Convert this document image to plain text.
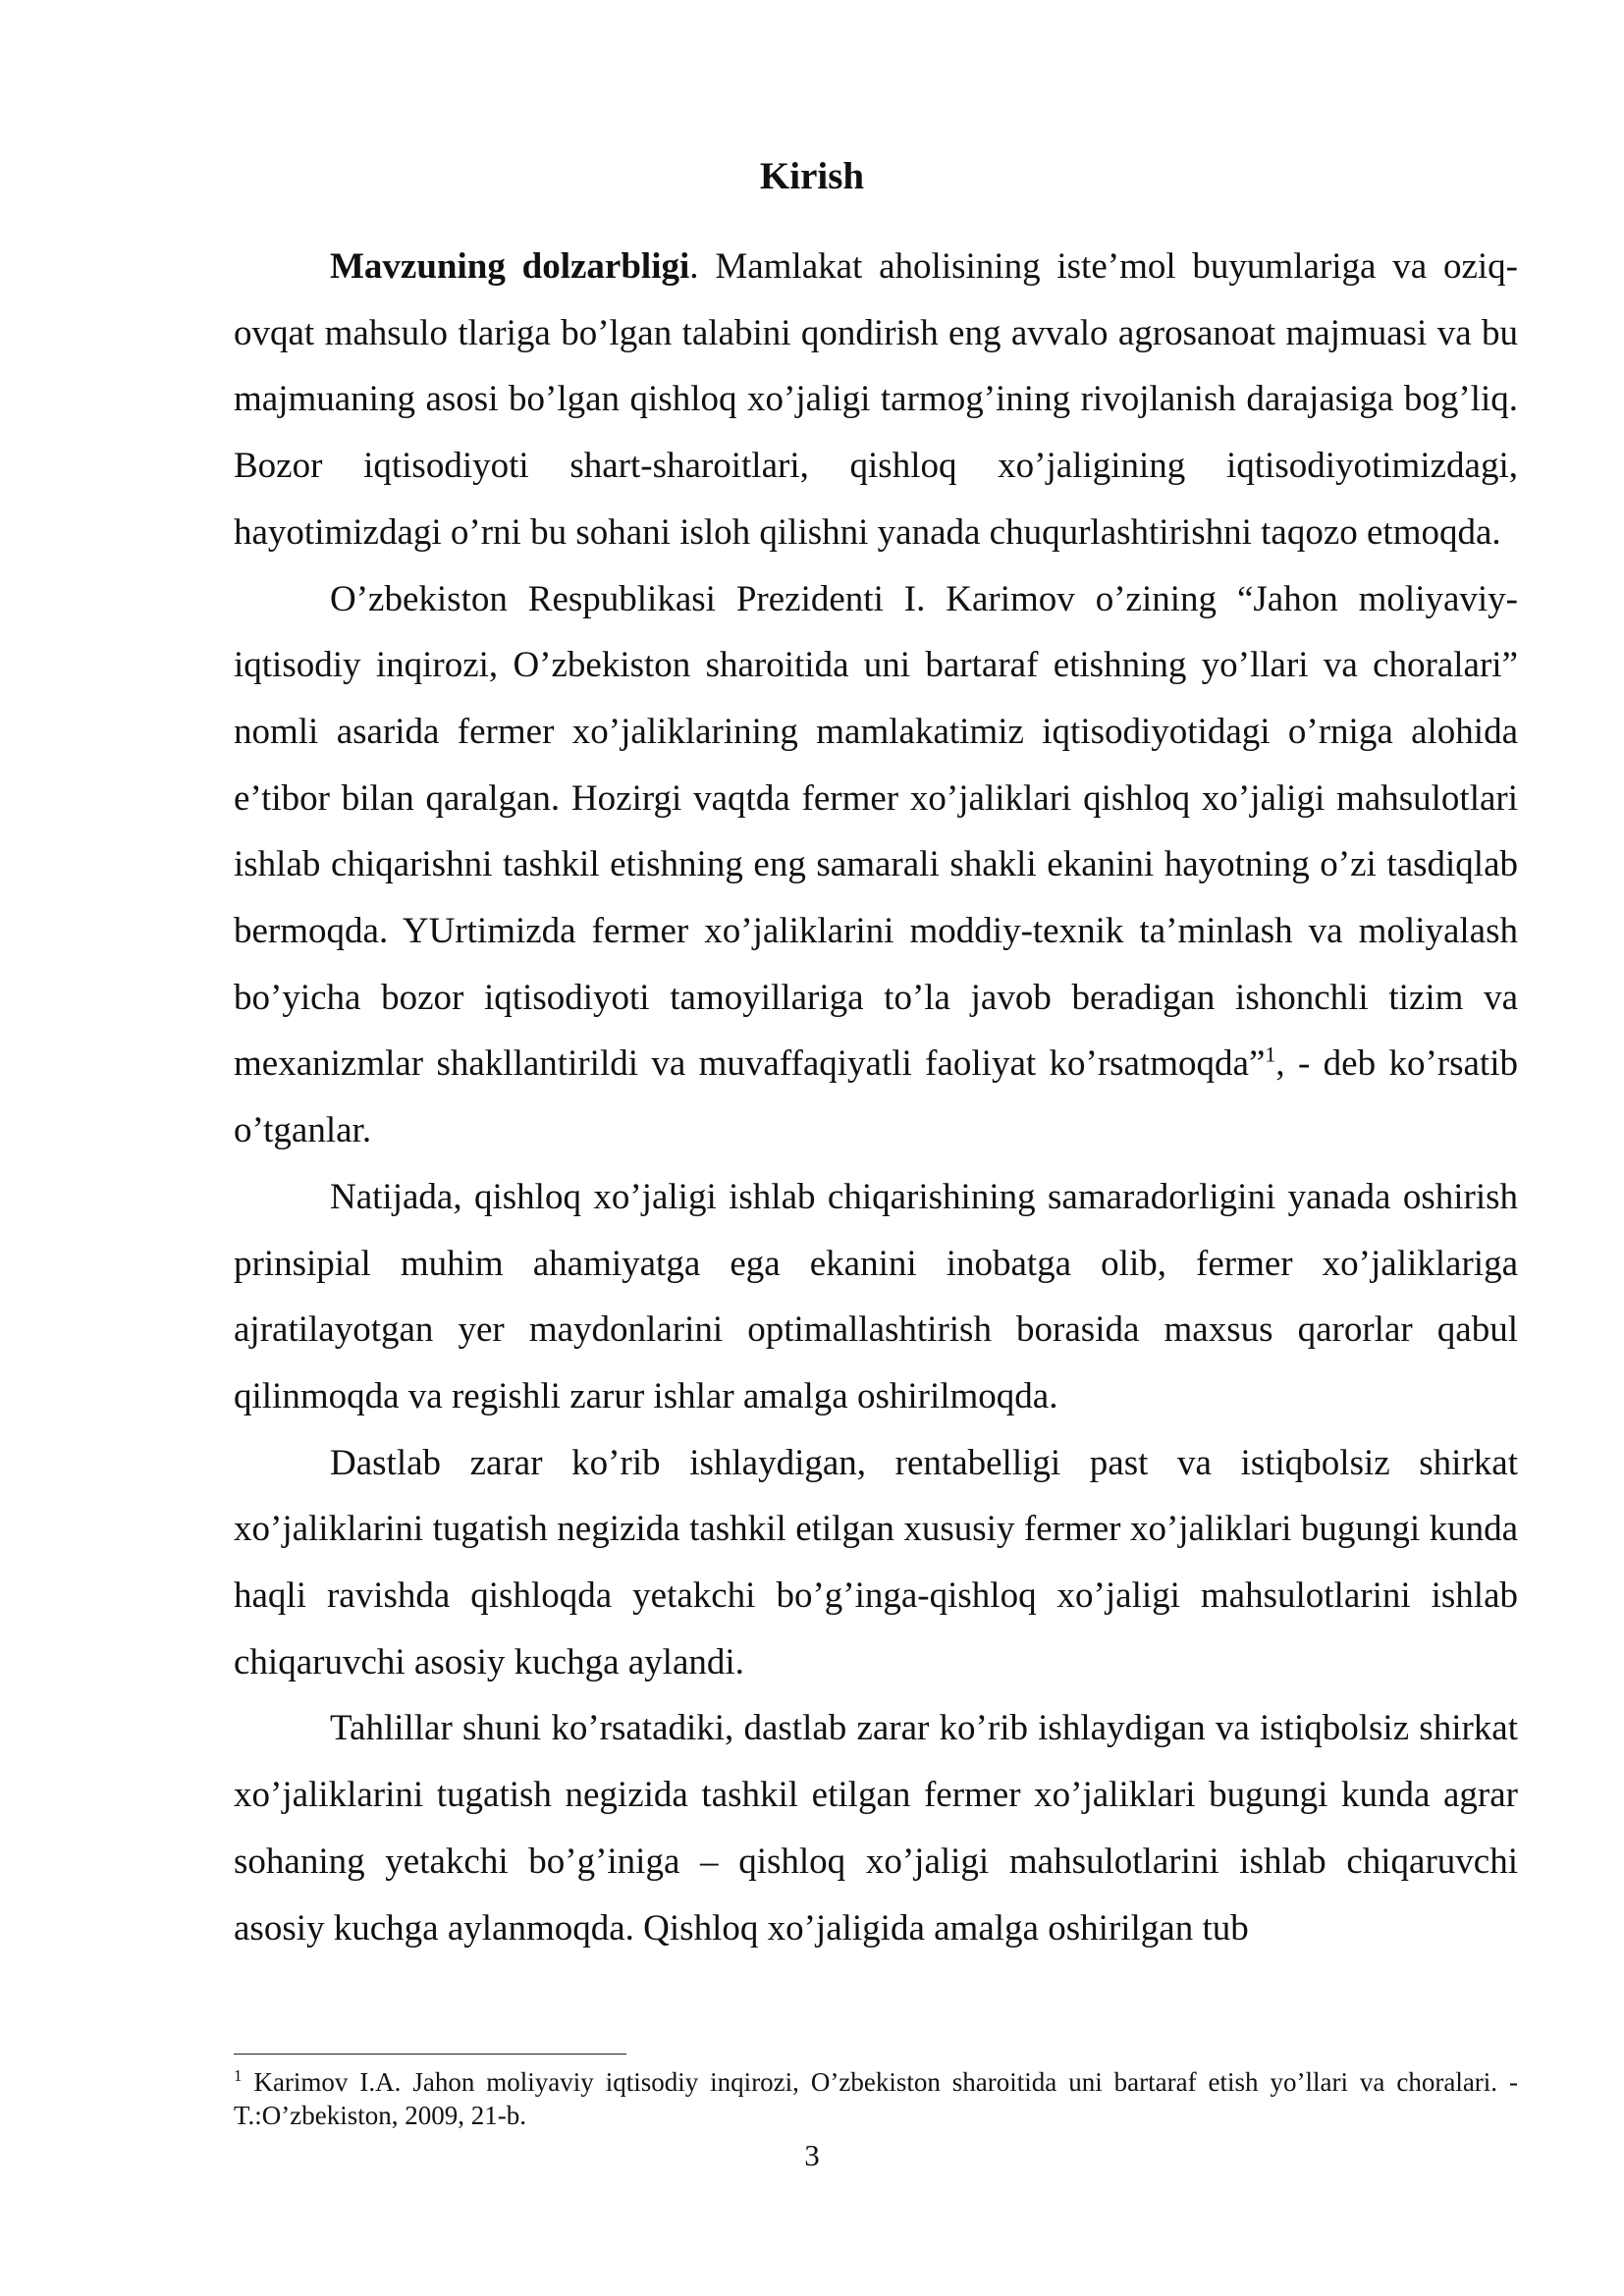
Kirish

Mavzuning dolzarbligi. Mamlakat aholisining iste’mol buyumlariga va oziq-ovqat mahsulo tlariga bo’lgan talabini qondirish eng avvalo agrosanoat majmuasi va bu majmuaning asosi bo’lgan qishloq xo’jaligi tarmog’ining rivojlanish darajasiga bog’liq. Bozor iqtisodiyoti shart-sharoitlari, qishloq xo’jaligining iqtisodiyotimizdagi, hayotimizdagi o’rni bu sohani isloh qilishni yanada chuqurlashtirishni taqozo etmoqda.

O’zbekiston Respublikasi Prezidenti I. Karimov o’zining “Jahon moliyaviy-iqtisodiy inqirozi, O’zbekiston sharoitida uni bartaraf etishning yo’llari va choralari” nomli asarida fermer xo’jaliklarining mamlakatimiz iqtisodiyotidagi o’rniga alohida e’tibor bilan qaralgan. Hozirgi vaqtda fermer xo’jaliklari qishloq xo’jaligi mahsulotlari ishlab chiqarishni tashkil etishning eng samarali shakli ekanini hayotning o’zi tasdiqlab bermoqda. YUrtimizda fermer xo’jaliklarini moddiy-texnik ta’minlash va moliyalash bo’yicha bozor iqtisodiyoti tamoyillariga to’la javob beradigan ishonchli tizim va mexanizmlar shakllantirildi va muvaffaqiyatli faoliyat ko’rsatmoqda”$^1$, - deb ko’rsatib o’tganlar.

Natijada, qishloq xo’jaligi ishlab chiqarishining samaradorligini yanada oshirish prinsipial muhim ahamiyatga ega ekanini inobatga olib, fermer xo’jaliklariga ajratilayotgan yer maydonlarini optimallashtirish borasida maxsus qarorlar qabul qilinmoqda va regishli zarur ishlar amalga oshirilmoqda.

Dastlab zarar ko’rib ishlaydigan, rentabelligi past va istiqbolsiz shirkat xo’jaliklarini tugatish negizida tashkil etilgan xususiy fermer xo’jaliklari bugungi kunda haqli ravishda qishloqda yetakchi bo’g’inga-qishloq xo’jaligi mahsulotlarini ishlab chiqaruvchi asosiy kuchga aylandi.

Tahlillar shuni ko’rsatadiki, dastlab zarar ko’rib ishlaydigan va istiqbolsiz shirkat xo’jaliklarini tugatish negizida tashkil etilgan fermer xo’jaliklari bugungi kunda agrar sohaning yetakchi bo’g’iniga – qishloq xo’jaligi mahsulotlarini ishlab chiqaruvchi asosiy kuchga aylanmoqda. Qishloq xo’jaligida amalga oshirilgan tub

$^1$ Karimov I.A. Jahon moliyaviy iqtisodiy inqirozi, O’zbekiston sharoitida uni bartaraf etish yo’llari va choralari. -T.:O’zbekiston, 2009, 21-b.

3
